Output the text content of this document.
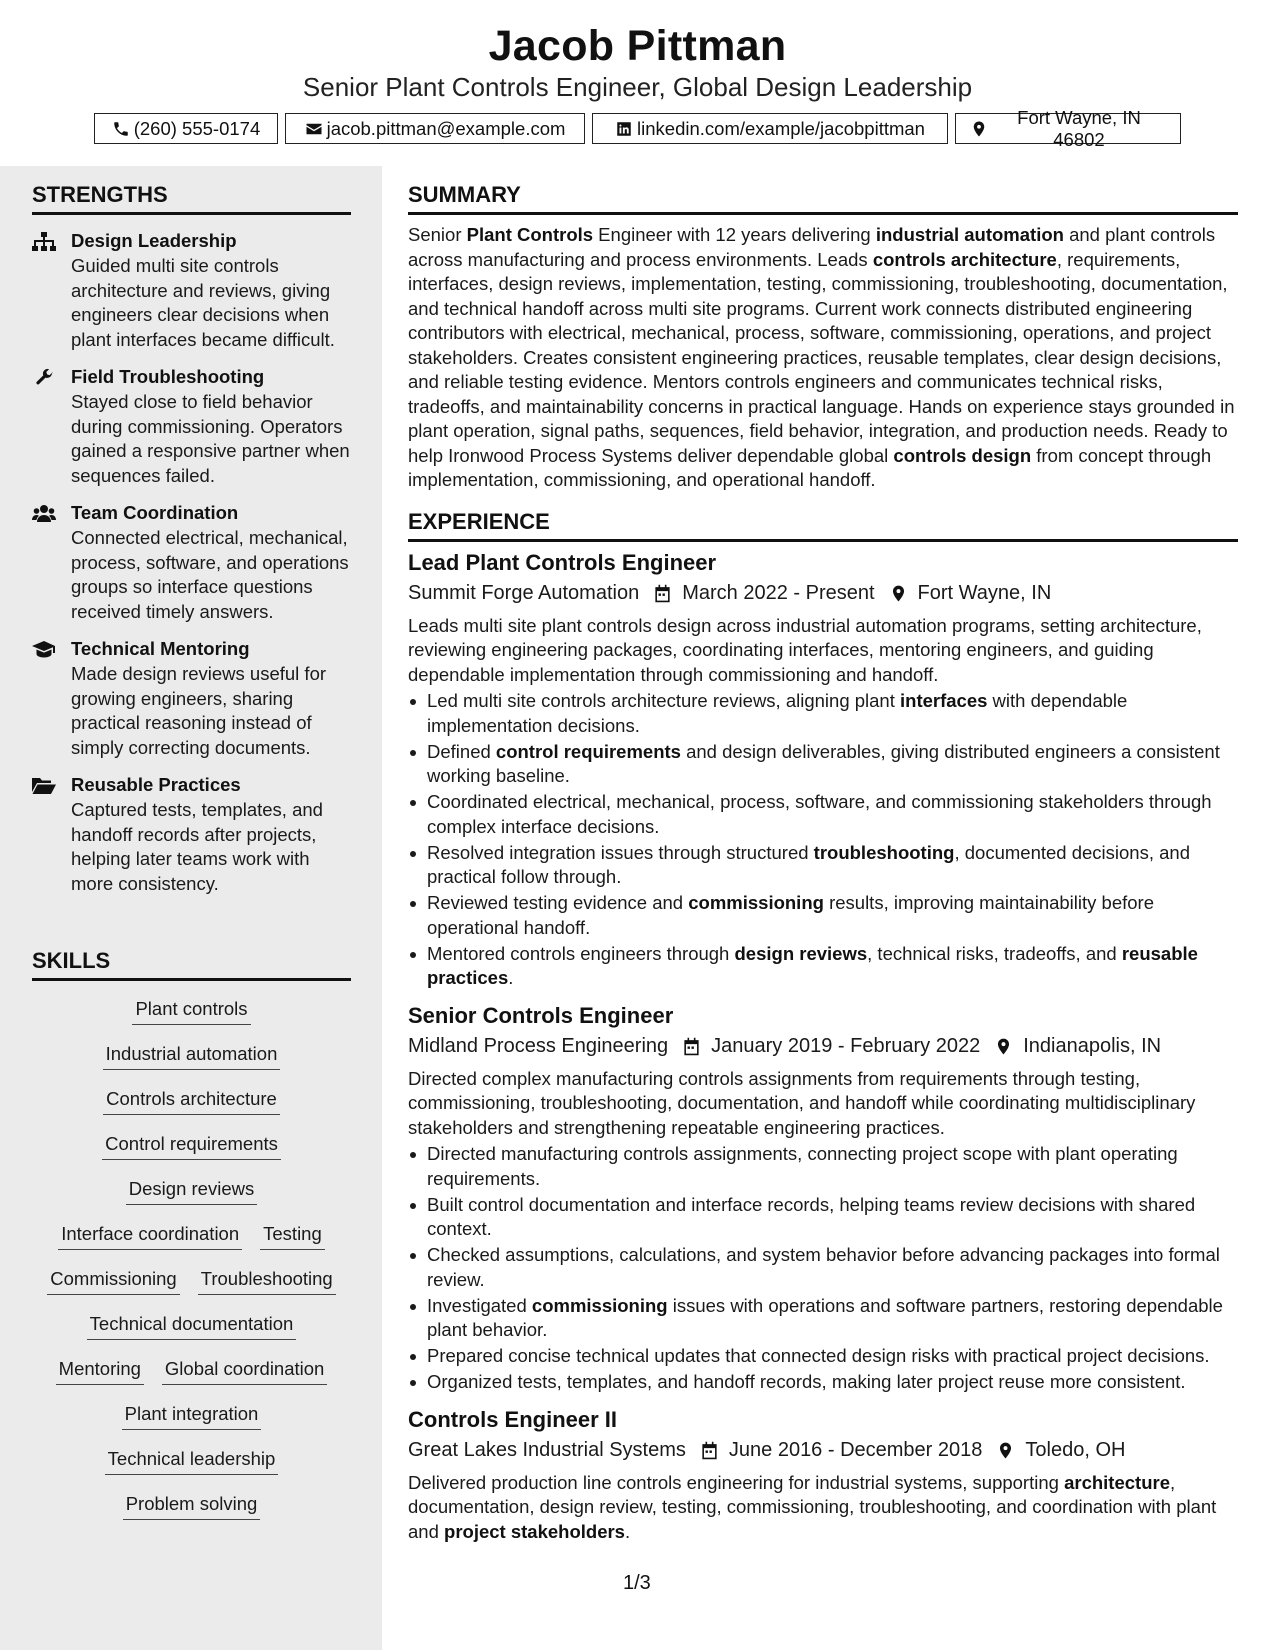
Jacob Pittman
Senior Plant Controls Engineer, Global Design Leadership
(260) 555-0174	jacob.pittman@example.com	linkedin.com/example/jacobpittman
Fort Wayne, IN 46802
STRENGTHS
Design Leadership
Guided multi site controls architecture and reviews, giving engineers clear decisions when plant interfaces became difficult.
Field Troubleshooting
Stayed close to field behavior during commissioning. Operators gained a responsive partner when sequences failed.
Team Coordination
Connected electrical, mechanical, process, software, and operations groups so interface questions received timely answers.
Technical Mentoring
Made design reviews useful for growing engineers, sharing practical reasoning instead of simply correcting documents.
Reusable Practices
Captured tests, templates, and handoff records after projects, helping later teams work with more consistency.
SKILLS
Plant controls
Industrial automation
Controls architecture
Control requirements
Design reviews
Interface coordination Testing
Commissioning Troubleshooting
Technical documentation
Mentoring Global coordination
Plant integration
Technical leadership
Problem solving
SUMMARY
Senior Plant Controls Engineer with 12 years delivering industrial automation and plant controls across manufacturing and process environments. Leads controls architecture, requirements, interfaces, design reviews, implementation, testing, commissioning, troubleshooting, documentation, and technical handoff across multi site programs. Current work connects distributed engineering contributors with electrical, mechanical, process, software, commissioning, operations, and project stakeholders. Creates consistent engineering practices, reusable templates, clear design decisions, and reliable testing evidence. Mentors controls engineers and communicates technical risks, tradeoffs, and maintainability concerns in practical language. Hands on experience stays grounded in plant operation, signal paths, sequences, field behavior, integration, and production needs. Ready to help Ironwood Process Systems deliver dependable global controls design from concept through implementation, commissioning, and operational handoff.
EXPERIENCE
Lead Plant Controls Engineer
Summit Forge Automation March 2022 - Present Fort Wayne, IN
Leads multi site plant controls design across industrial automation programs, setting architecture, reviewing engineering packages, coordinating interfaces, mentoring engineers, and guiding dependable implementation through commissioning and handoff.
Led multi site controls architecture reviews, aligning plant interfaces with dependable implementation decisions.
Defined control requirements and design deliverables, giving distributed engineers a consistent working baseline.
Coordinated electrical, mechanical, process, software, and commissioning stakeholders through complex interface decisions.
Resolved integration issues through structured troubleshooting, documented decisions, and practical follow through.
Reviewed testing evidence and commissioning results, improving maintainability before operational handoff.
Mentored controls engineers through design reviews, technical risks, tradeoffs, and reusable practices.
Senior Controls Engineer
Midland Process Engineering January 2019 - February 2022 Indianapolis, IN
Directed complex manufacturing controls assignments from requirements through testing, commissioning, troubleshooting, documentation, and handoff while coordinating multidisciplinary stakeholders and strengthening repeatable engineering practices.
Directed manufacturing controls assignments, connecting project scope with plant operating requirements.
Built control documentation and interface records, helping teams review decisions with shared context.
Checked assumptions, calculations, and system behavior before advancing packages into formal review.
Investigated commissioning issues with operations and software partners, restoring dependable plant behavior.
Prepared concise technical updates that connected design risks with practical project decisions.
Organized tests, templates, and handoff records, making later project reuse more consistent.
Controls Engineer II
Great Lakes Industrial Systems June 2016 - December 2018 Toledo, OH
Delivered production line controls engineering for industrial systems, supporting architecture, documentation, design review, testing, commissioning, troubleshooting, and coordination with plant and project stakeholders.
1/3
